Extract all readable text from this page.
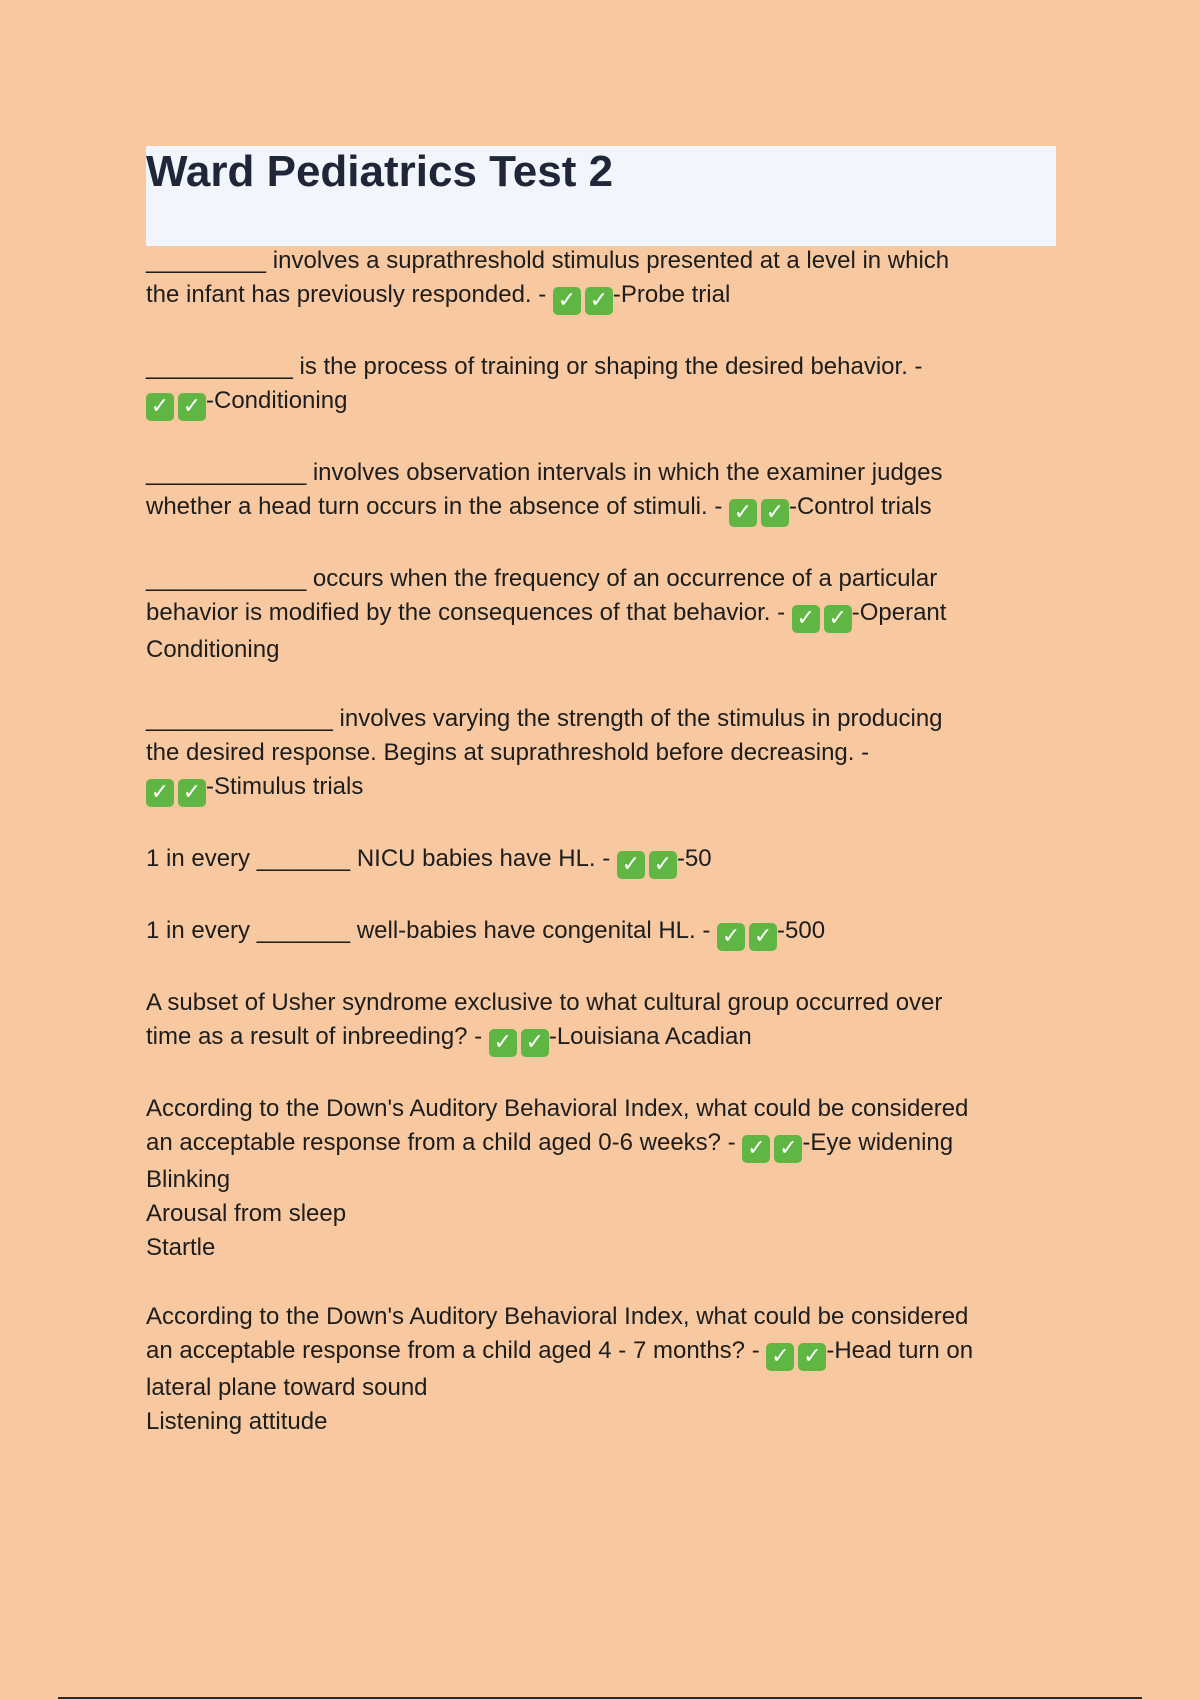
Ward Pediatrics Test 2
_________ involves a suprathreshold stimulus presented at a level in which
the infant has previously responded. - ✓ ✓ -Probe trial
___________ is the process of training or shaping the desired behavior. -
✓ ✓ -Conditioning
____________ involves observation intervals in which the examiner judges
whether a head turn occurs in the absence of stimuli. - ✓ ✓ -Control trials
____________ occurs when the frequency of an occurrence of a particular
behavior is modified by the consequences of that behavior. - ✓ ✓ -Operant
Conditioning
______________ involves varying the strength of the stimulus in producing
the desired response. Begins at suprathreshold before decreasing. -
✓ ✓ -Stimulus trials
1 in every _______ NICU babies have HL. - ✓ ✓ -50
1 in every _______ well-babies have congenital HL. - ✓ ✓ -500
A subset of Usher syndrome exclusive to what cultural group occurred over
time as a result of inbreeding? - ✓ ✓ -Louisiana Acadian
According to the Down's Auditory Behavioral Index, what could be considered
an acceptable response from a child aged 0-6 weeks? - ✓ ✓ -Eye widening
Blinking
Arousal from sleep
Startle
According to the Down's Auditory Behavioral Index, what could be considered
an acceptable response from a child aged 4 - 7 months? - ✓ ✓ -Head turn on
lateral plane toward sound
Listening attitude
